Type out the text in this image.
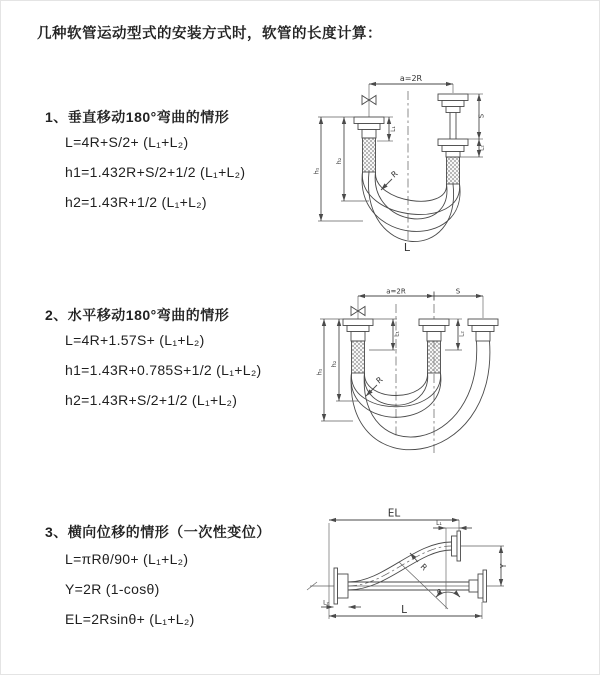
几种软管运动型式的安装方式时，软管的长度计算：
1、垂直移动180°弯曲的情形
L=4R+S/2+ (L₁+L₂)
h1=1.432R+S/2+1/2 (L₁+L₂)
h2=1.43R+1/2 (L₁+L₂)
2、水平移动180°弯曲的情形
L=4R+1.57S+ (L₁+L₂)
h1=1.43R+0.785S+1/2 (L₁+L₂)
h2=1.43R+S/2+1/2 (L₁+L₂)
3、横向位移的情形（一次性变位）
L=πRθ/90+ (L₁+L₂)
Y=2R (1-cosθ)
EL=2Rsinθ+ (L₁+L₂)
a=2R
L₁
S
L₂
h₁
h₂
R
L
a=2R	S
L₁	L₂
h₁
h₂
R
EL
L₁
Y
L
L₂
θ
R
